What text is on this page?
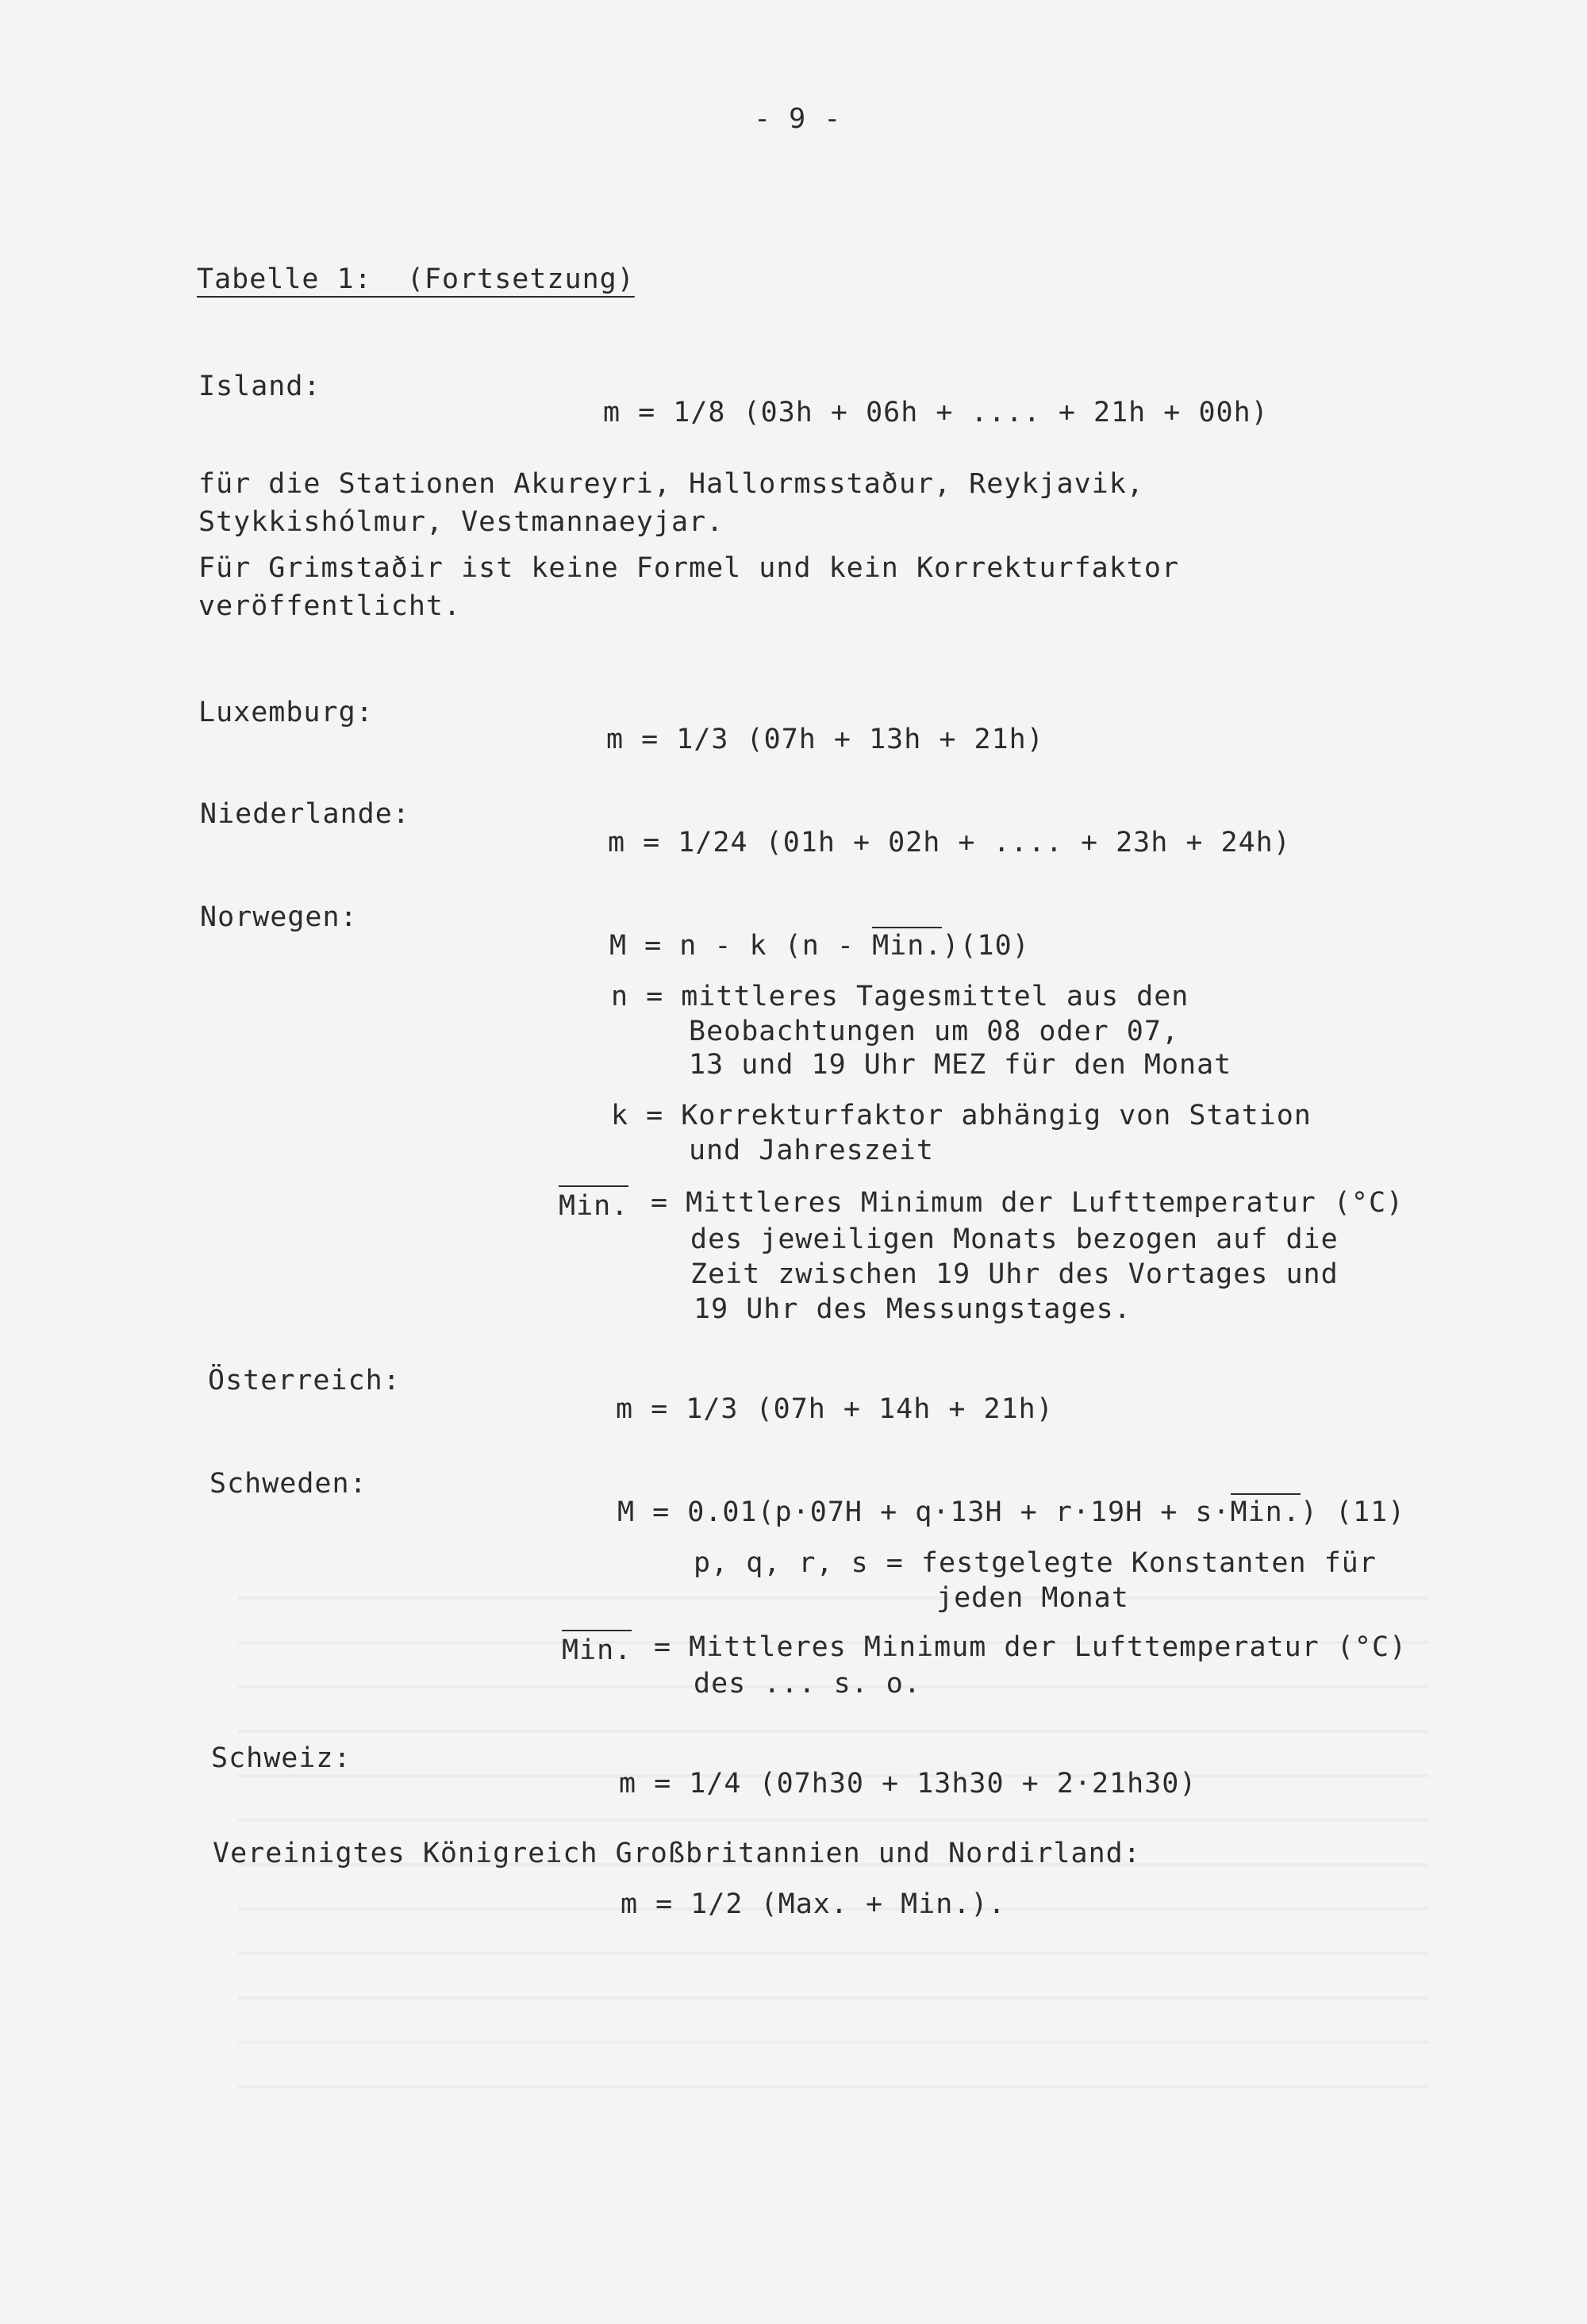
- 9 -
Tabelle 1:  (Fortsetzung)
Island:
m = 1/8 (03h + 06h + .... + 21h + 00h)
für die Stationen Akureyri, Hallormsstaður, Reykjavik,
Stykkishólmur, Vestmannaeyjar.
Für Grimstaðir ist keine Formel und kein Korrekturfaktor
veröffentlicht.
Luxemburg:
m = 1/3 (07h + 13h + 21h)
Niederlande:
m = 1/24 (01h + 02h + .... + 23h + 24h)
Norwegen:
M = n - k (n - Min.)(10)
n = mittleres Tagesmittel aus den
Beobachtungen um 08 oder 07,
13 und 19 Uhr MEZ für den Monat
k = Korrekturfaktor abhängig von Station
und Jahreszeit
Min. = Mittleres Minimum der Lufttemperatur (°C)
des jeweiligen Monats bezogen auf die
Zeit zwischen 19 Uhr des Vortages und
19 Uhr des Messungstages.
Österreich:
m = 1/3 (07h + 14h + 21h)
Schweden:
M = 0.01(p·07H + q·13H + r·19H + s·Min.) (11)
p, q, r, s = festgelegte Konstanten für
jeden Monat
Min. = Mittleres Minimum der Lufttemperatur (°C)
des ... s. o.
Schweiz:
m = 1/4 (07h30 + 13h30 + 2·21h30)
Vereinigtes Königreich Großbritannien und Nordirland:
m = 1/2 (Max. + Min.).
